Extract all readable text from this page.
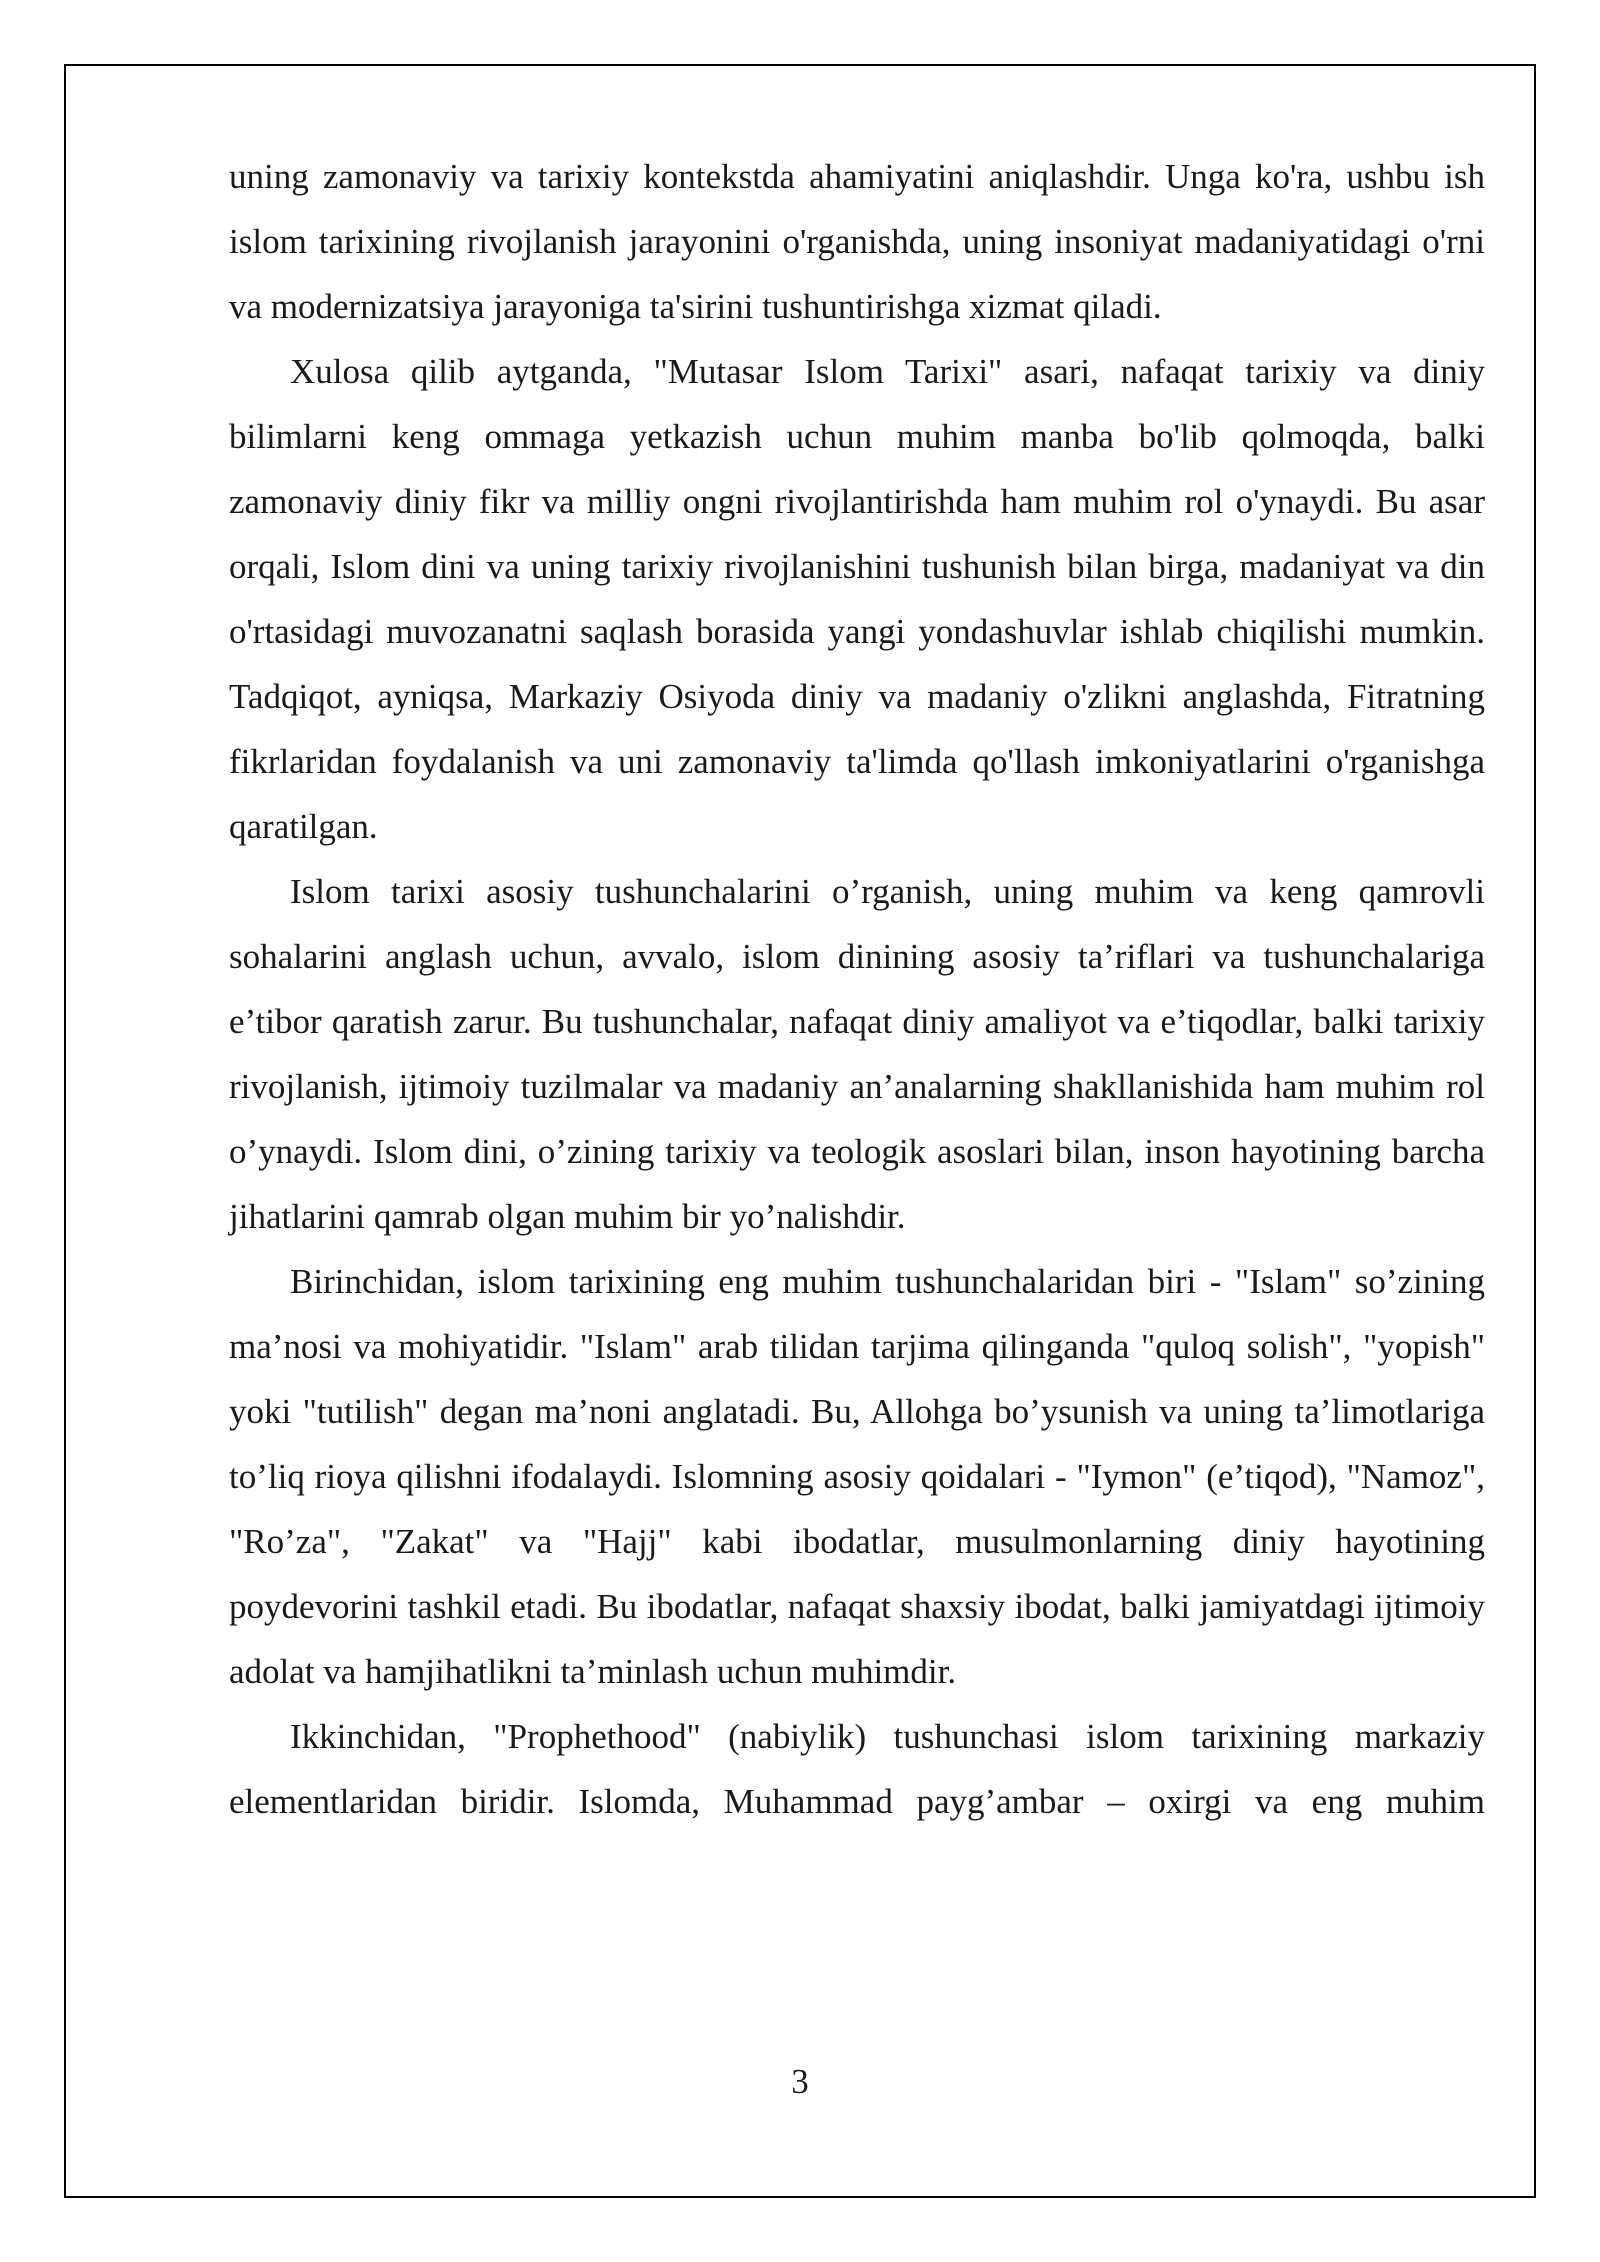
uning zamonaviy va tarixiy kontekstda ahamiyatini aniqlashdir. Unga ko'ra, ushbu ish islom tarixining rivojlanish jarayonini o'rganishda, uning insoniyat madaniyatidagi o'rni va modernizatsiya jarayoniga ta'sirini tushuntirishga xizmat qiladi.

Xulosa qilib aytganda, "Mutasar Islom Tarixi" asari, nafaqat tarixiy va diniy bilimlarni keng ommaga yetkazish uchun muhim manba bo'lib qolmoqda, balki zamonaviy diniy fikr va milliy ongni rivojlantirishda ham muhim rol o'ynaydi. Bu asar orqali, Islom dini va uning tarixiy rivojlanishini tushunish bilan birga, madaniyat va din o'rtasidagi muvozanatni saqlash borasida yangi yondashuvlar ishlab chiqilishi mumkin. Tadqiqot, ayniqsa, Markaziy Osiyoda diniy va madaniy o'zlikni anglashda, Fitratning fikrlaridan foydalanish va uni zamonaviy ta'limda qo'llash imkoniyatlarini o'rganishga qaratilgan.

Islom tarixi asosiy tushunchalarini o’rganish, uning muhim va keng qamrovli sohalarini anglash uchun, avvalo, islom dinining asosiy ta’riflari va tushunchalariga e’tibor qaratish zarur. Bu tushunchalar, nafaqat diniy amaliyot va e’tiqodlar, balki tarixiy rivojlanish, ijtimoiy tuzilmalar va madaniy an’analarning shakllanishida ham muhim rol o’ynaydi. Islom dini, o’zining tarixiy va teologik asoslari bilan, inson hayotining barcha jihatlarini qamrab olgan muhim bir yo’nalishdir.

Birinchidan, islom tarixining eng muhim tushunchalaridan biri - "Islam" so’zining ma’nosi va mohiyatidir. "Islam" arab tilidan tarjima qilinganda "quloq solish", "yopish" yoki "tutilish" degan ma’noni anglatadi. Bu, Allohga bo’ysunish va uning ta’limotlariga to’liq rioya qilishni ifodalaydi. Islomning asosiy qoidalari - "Iymon" (e’tiqod), "Namoz", "Ro’za", "Zakat" va "Hajj" kabi ibodatlar, musulmonlarning diniy hayotining poydevorini tashkil etadi. Bu ibodatlar, nafaqat shaxsiy ibodat, balki jamiyatdagi ijtimoiy adolat va hamjihatlikni ta’minlash uchun muhimdir.

Ikkinchidan, "Prophethood" (nabiylik) tushunchasi islom tarixining markaziy elementlaridan biridir. Islomda, Muhammad payg’ambar – oxirgi va eng muhim

3
